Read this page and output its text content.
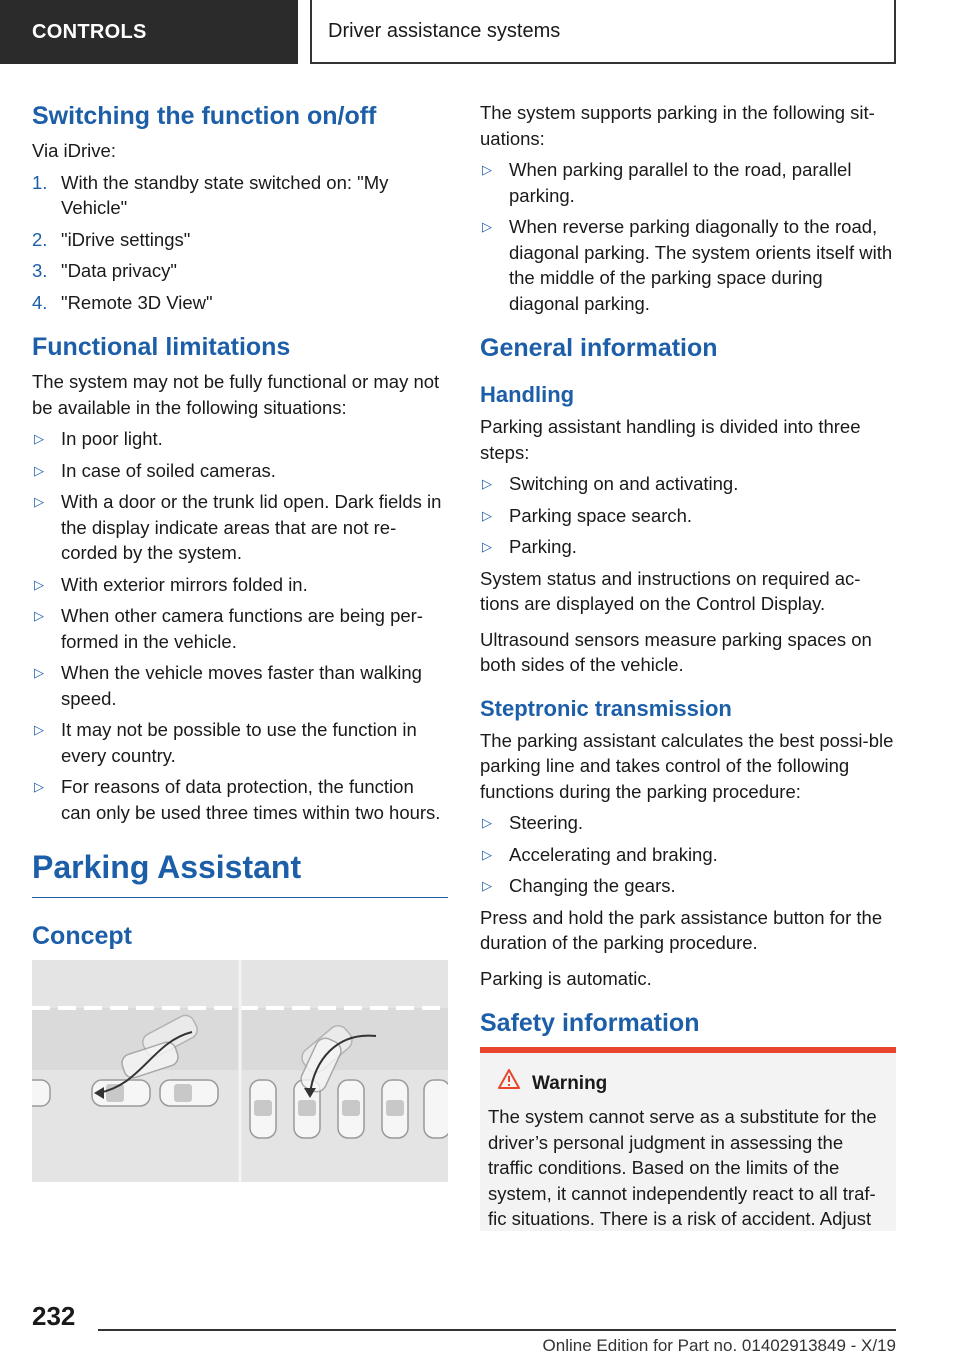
CONTROLS	Driver assistance systems
Switching the function on/off

Via iDrive:

1. With the standby state switched on: "My Vehicle"
2. "iDrive settings"
3. "Data privacy"
4. "Remote 3D View"
Functional limitations

The system may not be fully functional or may not be available in the following situations:

▷ In poor light.
▷ In case of soiled cameras.
▷ With a door or the trunk lid open. Dark fields in the display indicate areas that are not re‐corded by the system.
▷ With exterior mirrors folded in.
▷ When other camera functions are being per‐formed in the vehicle.
▷ When the vehicle moves faster than walking speed.
▷ It may not be possible to use the function in every country.
▷ For reasons of data protection, the function can only be used three times within two hours.
Parking Assistant
Concept

The system supports parking in the following sit‐uations:

▷ When parking parallel to the road, parallel parking.
▷ When reverse parking diagonally to the road, diagonal parking. The system orients itself with the middle of the parking space during diagonal parking.
General information
Handling

Parking assistant handling is divided into three steps:

▷ Switching on and activating.
▷ Parking space search.
▷ Parking.

System status and instructions on required ac‐tions are displayed on the Control Display.

Ultrasound sensors measure parking spaces on both sides of the vehicle.

Steptronic transmission

The parking assistant calculates the best possi‐ble parking line and takes control of the following functions during the parking procedure:

▷ Steering.
▷ Accelerating and braking.
▷ Changing the gears.

Press and hold the park assistance button for the duration of the parking procedure.

Parking is automatic.

Safety information
Warning

The system cannot serve as a substitute for the driver’s personal judgment in assessing the traffic conditions. Based on the limits of the system, it cannot independently react to all traf‐fic situations. There is a risk of accident. Adjust

232
Online Edition for Part no. 01402913849 - X/19
